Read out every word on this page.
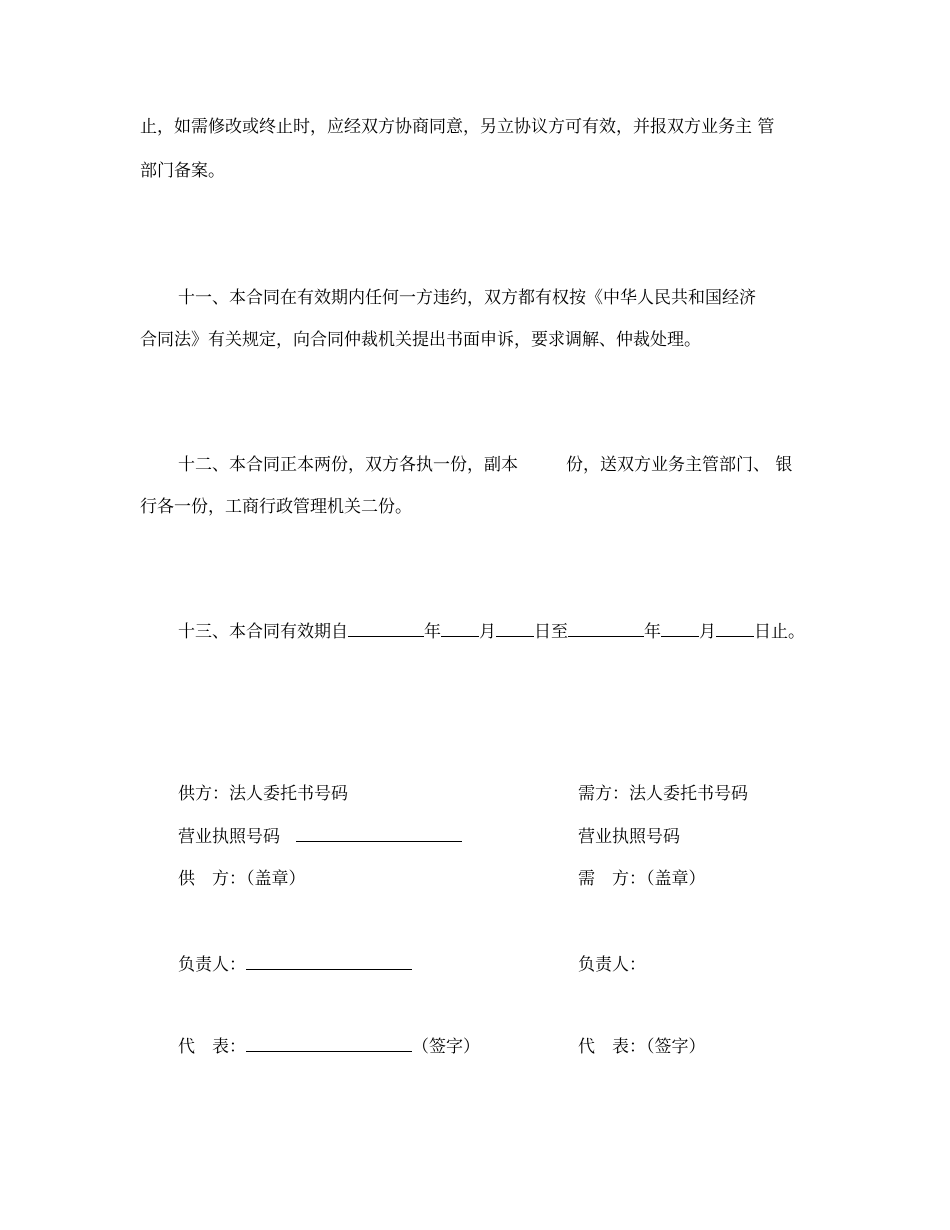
止，如需修改或终止时，应经双方协商同意，另立协议方可有效，并报双方业务主 管
部门备案。
十一、本合同在有效期内任何一方违约，双方都有权按《中华人民共和国经济
合同法》有关规定，向合同仲裁机关提出书面申诉，要求调解、仲裁处理。
十二、本合同正本两份，双方各执一份，副本	份，送双方业务主管部门、 银
行各一份，工商行政管理机关二份。
十三、本合同有效期自	年 月 日至	年 月 日止。
供方：法人委托书号码
营业执照号码
供　方：（盖章）
负责人：
代　表：	（签字）
需方：法人委托书号码
营业执照号码
需　方：（盖章）
负责人：
代　表：（签字）
